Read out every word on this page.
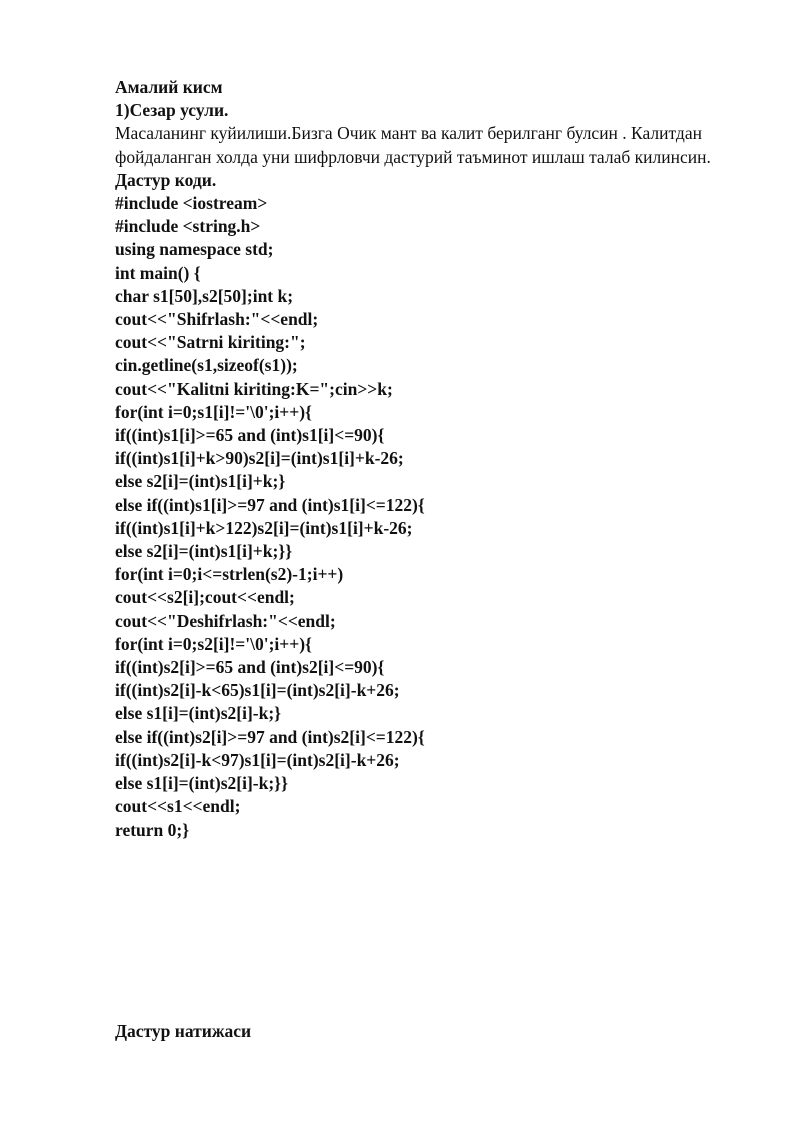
Амалий кисм
1)Сезар усули.
Масаланинг куйилиши.Бизга Очик мант ва калит берилганг булсин . Калитдан фойдаланган холда уни шифрловчи дастурий таъминот ишлаш талаб килинсин.
Дастур коди.
#include <iostream>
#include <string.h>
using namespace std;
int main() {
char s1[50],s2[50];int k;
cout<<"Shifrlash:"<<endl;
cout<<"Satrni kiriting:";
cin.getline(s1,sizeof(s1));
cout<<"Kalitni kiriting:K=";cin>>k;
for(int i=0;s1[i]!='\0';i++){
if((int)s1[i]>=65 and (int)s1[i]<=90){
if((int)s1[i]+k>90)s2[i]=(int)s1[i]+k-26;
else s2[i]=(int)s1[i]+k;}
else if((int)s1[i]>=97 and (int)s1[i]<=122){
if((int)s1[i]+k>122)s2[i]=(int)s1[i]+k-26;
else s2[i]=(int)s1[i]+k;}}
for(int i=0;i<=strlen(s2)-1;i++)
cout<<s2[i];cout<<endl;
cout<<"Deshifrlash:"<<endl;
for(int i=0;s2[i]!='\0';i++){
if((int)s2[i]>=65 and (int)s2[i]<=90){
if((int)s2[i]-k<65)s1[i]=(int)s2[i]-k+26;
else s1[i]=(int)s2[i]-k;}
else if((int)s2[i]>=97 and (int)s2[i]<=122){
if((int)s2[i]-k<97)s1[i]=(int)s2[i]-k+26;
else s1[i]=(int)s2[i]-k;}}
cout<<s1<<endl;
return 0;}
Дастур натижаси
